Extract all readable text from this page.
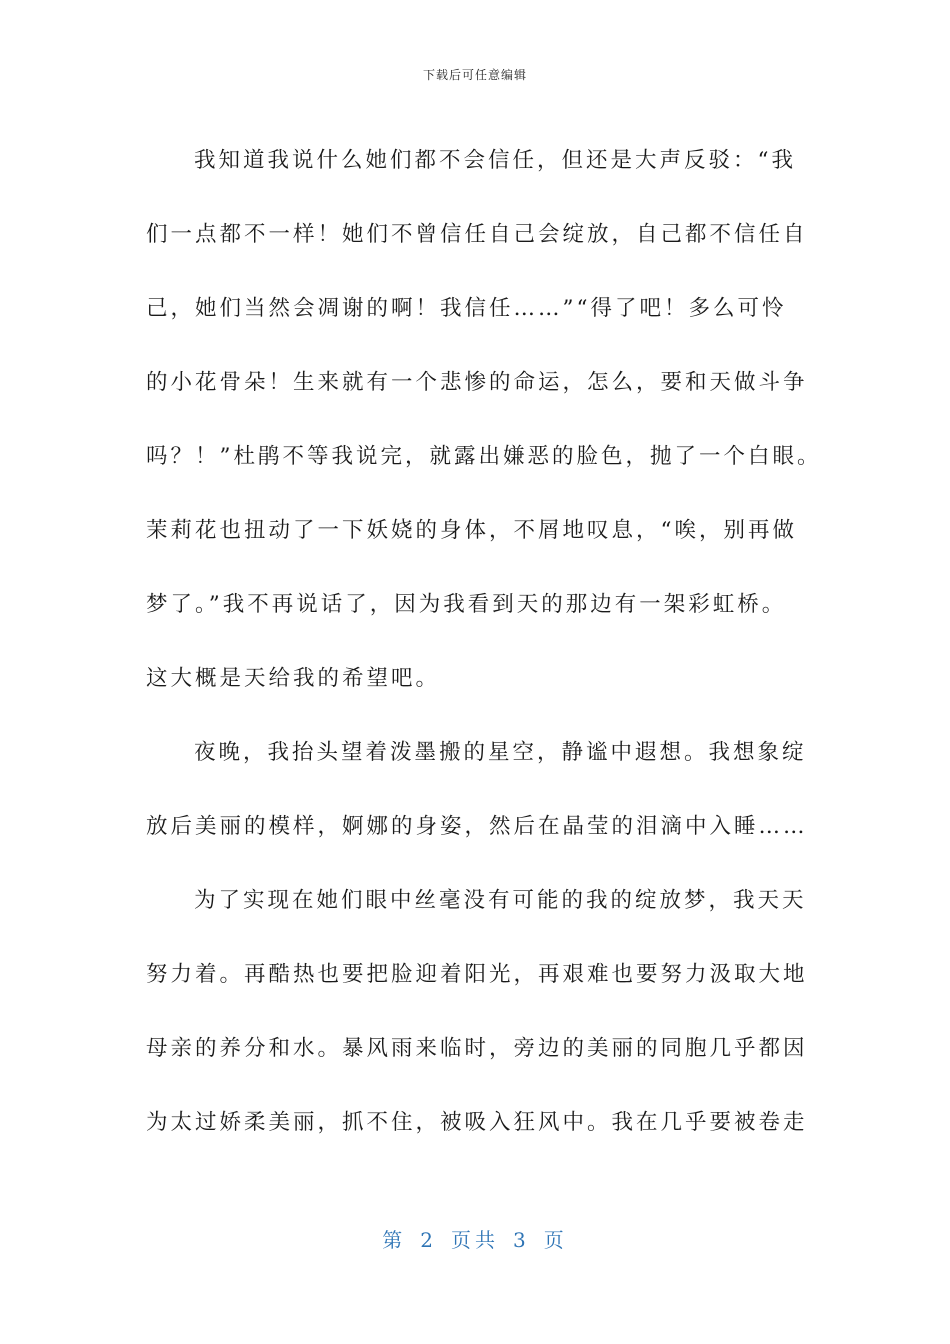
下载后可任意编辑
我知道我说什么她们都不会信任，但还是大声反驳：“我
们一点都不一样！她们不曾信任自己会绽放，自己都不信任自
己，她们当然会凋谢的啊！我信任……”“得了吧！多么可怜
的小花骨朵！生来就有一个悲惨的命运，怎么，要和天做斗争
吗？！”杜鹃不等我说完，就露出嫌恶的脸色，抛了一个白眼。
茉莉花也扭动了一下妖娆的身体，不屑地叹息，“唉，别再做
梦了。”我不再说话了，因为我看到天的那边有一架彩虹桥。
这大概是天给我的希望吧。
夜晚，我抬头望着泼墨搬的星空，静谧中遐想。我想象绽
放后美丽的模样，婀娜的身姿，然后在晶莹的泪滴中入睡……
为了实现在她们眼中丝毫没有可能的我的绽放梦，我天天
努力着。再酷热也要把脸迎着阳光，再艰难也要努力汲取大地
母亲的养分和水。暴风雨来临时，旁边的美丽的同胞几乎都因
为太过娇柔美丽，抓不住，被吸入狂风中。我在几乎要被卷走
第 2 页共 3 页
